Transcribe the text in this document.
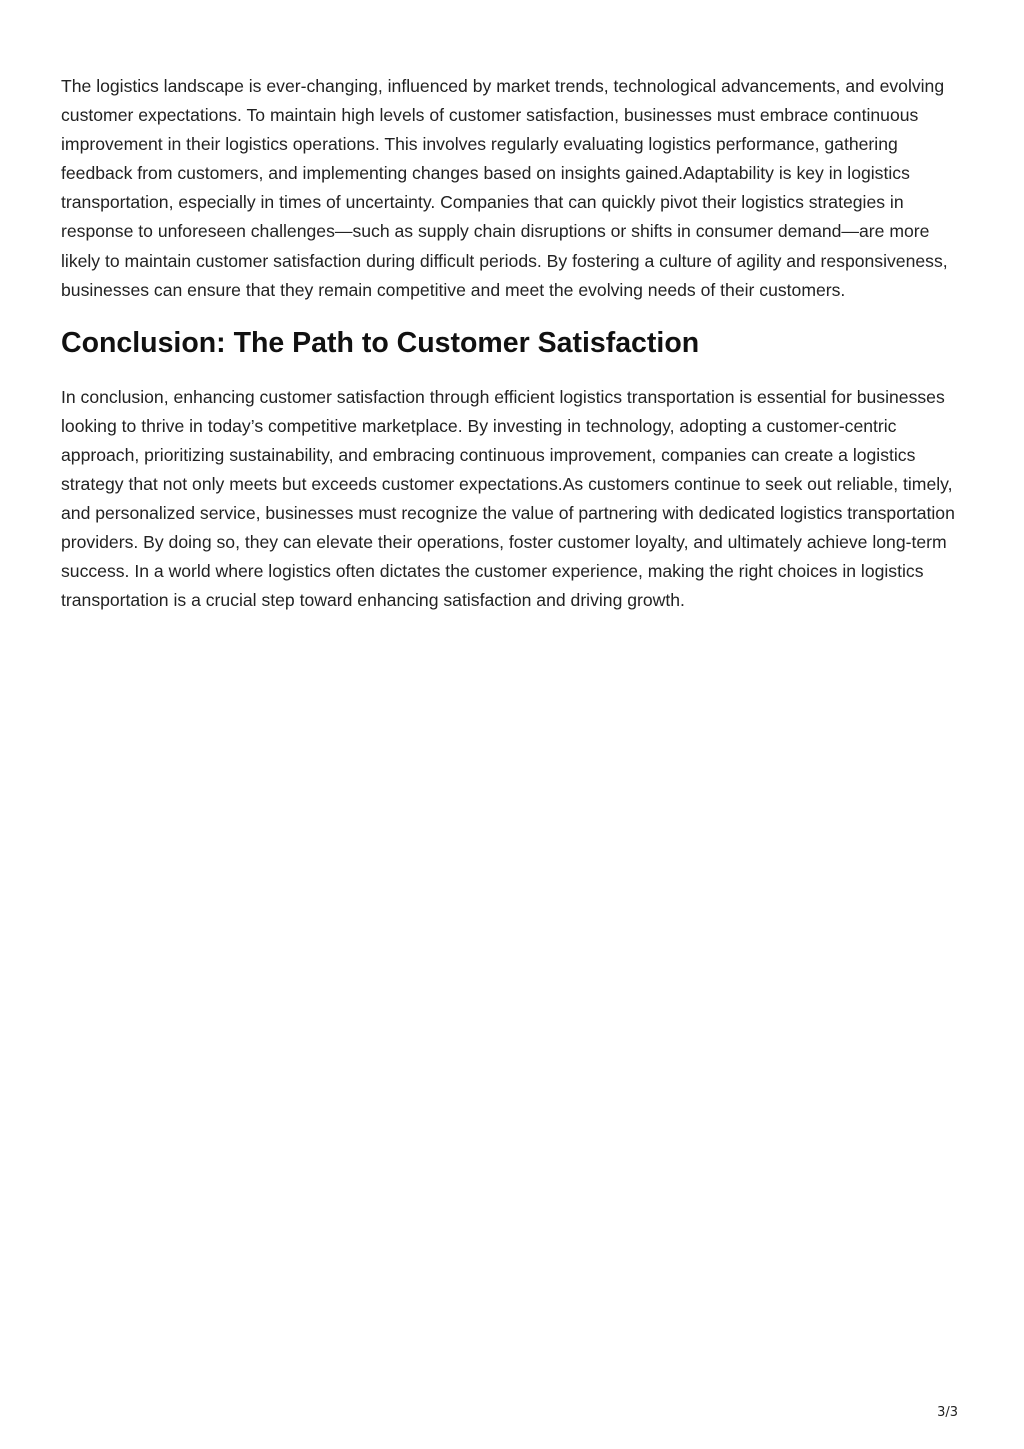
The logistics landscape is ever-changing, influenced by market trends, technological advancements, and evolving customer expectations. To maintain high levels of customer satisfaction, businesses must embrace continuous improvement in their logistics operations. This involves regularly evaluating logistics performance, gathering feedback from customers, and implementing changes based on insights gained.Adaptability is key in logistics transportation, especially in times of uncertainty. Companies that can quickly pivot their logistics strategies in response to unforeseen challenges—such as supply chain disruptions or shifts in consumer demand—are more likely to maintain customer satisfaction during difficult periods. By fostering a culture of agility and responsiveness, businesses can ensure that they remain competitive and meet the evolving needs of their customers.

Conclusion: The Path to Customer Satisfaction

In conclusion, enhancing customer satisfaction through efficient logistics transportation is essential for businesses looking to thrive in today’s competitive marketplace. By investing in technology, adopting a customer-centric approach, prioritizing sustainability, and embracing continuous improvement, companies can create a logistics strategy that not only meets but exceeds customer expectations.As customers continue to seek out reliable, timely, and personalized service, businesses must recognize the value of partnering with dedicated logistics transportation providers. By doing so, they can elevate their operations, foster customer loyalty, and ultimately achieve long-term success. In a world where logistics often dictates the customer experience, making the right choices in logistics transportation is a crucial step toward enhancing satisfaction and driving growth.

3/3
